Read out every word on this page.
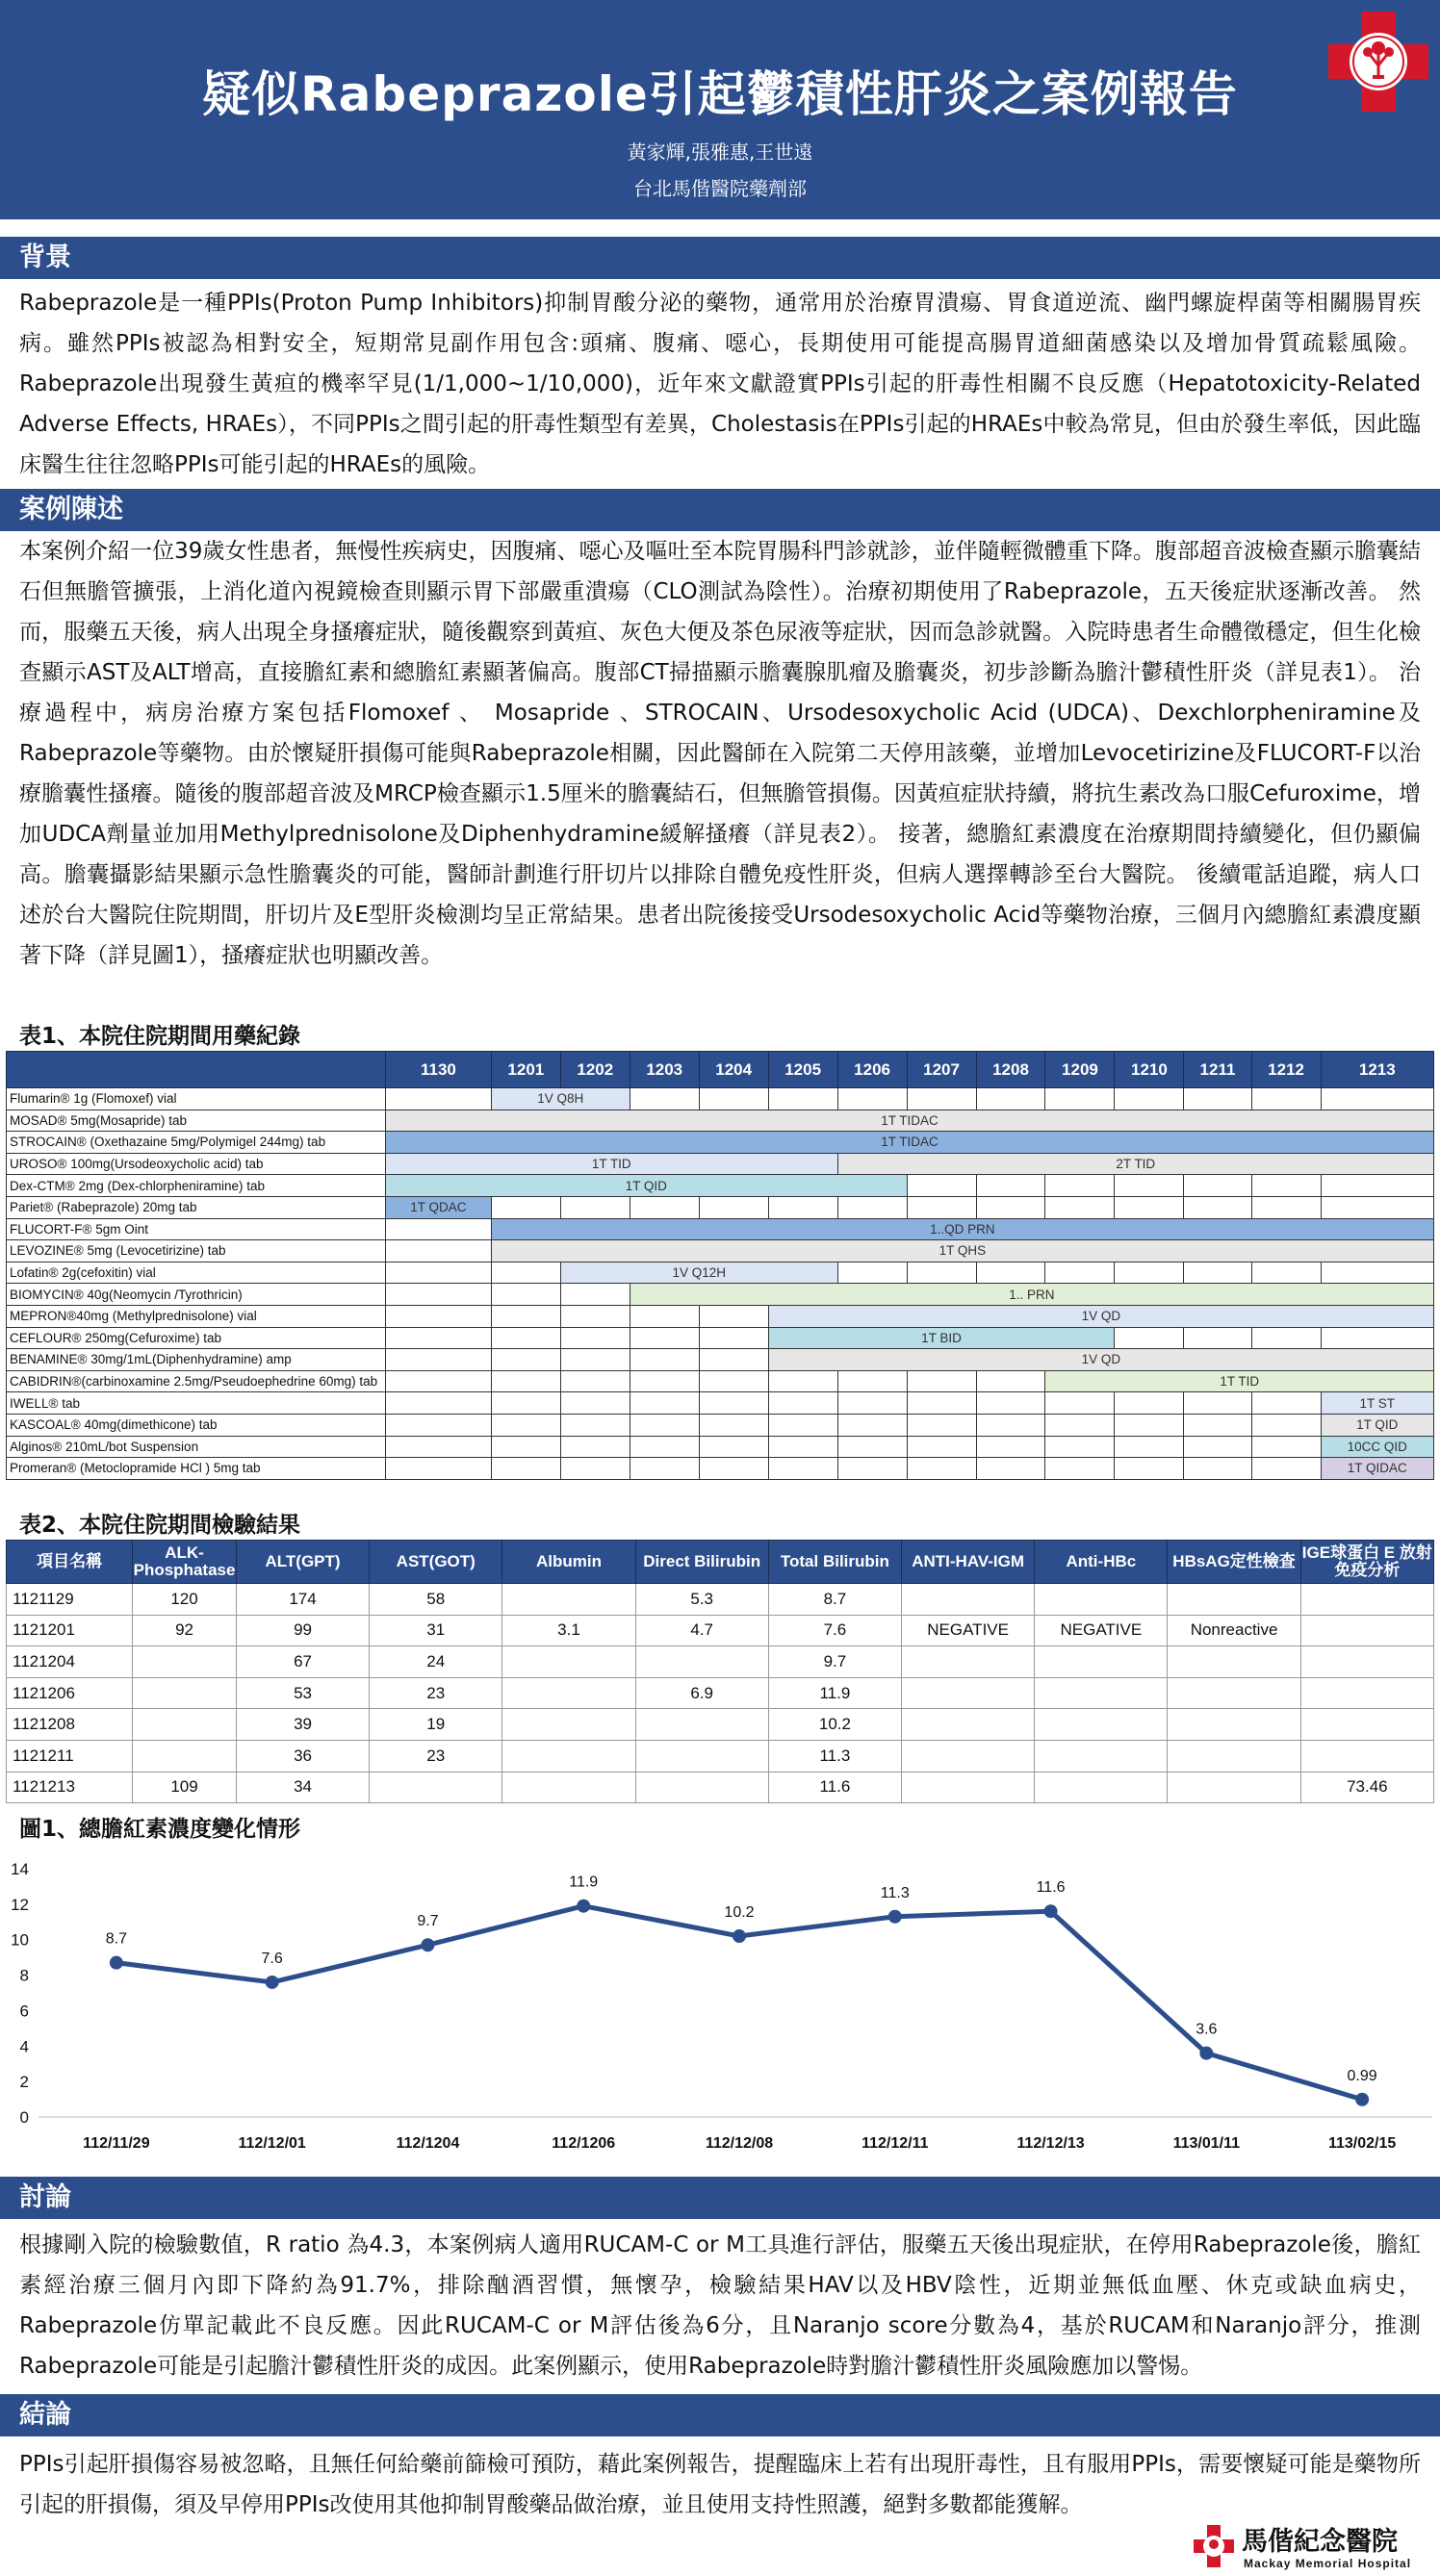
疑似Rabeprazole引起鬱積性肝炎之案例報告
黃家輝,張雅惠,王世遠
台北馬偕醫院藥劑部
背景
Rabeprazole是一種PPIs(Proton Pump Inhibitors)抑制胃酸分泌的藥物，通常用於治療胃潰瘍、胃食道逆流、幽門螺旋桿菌等相關腸胃疾病。雖然PPIs被認為相對安全，短期常見副作用包含:頭痛、腹痛、噁心，長期使用可能提高腸胃道細菌感染以及增加骨質疏鬆風險。Rabeprazole出現發生黃疸的機率罕見(1/1,000~1/10,000)，近年來文獻證實PPIs引起的肝毒性相關不良反應（Hepatotoxicity-Related Adverse Effects, HRAEs），不同PPIs之間引起的肝毒性類型有差異，Cholestasis在PPIs引起的HRAEs中較為常見，但由於發生率低，因此臨床醫生往往忽略PPIs可能引起的HRAEs的風險。
案例陳述
本案例介紹一位39歲女性患者，無慢性疾病史，因腹痛、噁心及嘔吐至本院胃腸科門診就診，並伴隨輕微體重下降。腹部超音波檢查顯示膽囊結石但無膽管擴張，上消化道內視鏡檢查則顯示胃下部嚴重潰瘍（CLO測試為陰性）。治療初期使用了Rabeprazole，五天後症狀逐漸改善。 然而，服藥五天後，病人出現全身搔癢症狀，隨後觀察到黃疸、灰色大便及茶色尿液等症狀，因而急診就醫。入院時患者生命體徵穩定，但生化檢查顯示AST及ALT增高，直接膽紅素和總膽紅素顯著偏高。腹部CT掃描顯示膽囊腺肌瘤及膽囊炎，初步診斷為膽汁鬱積性肝炎（詳見表1）。 治療過程中，病房治療方案包括Flomoxef 、 Mosapride 、STROCAIN、Ursodesoxycholic Acid (UDCA)、Dexchlorpheniramine及Rabeprazole等藥物。由於懷疑肝損傷可能與Rabeprazole相關，因此醫師在入院第二天停用該藥，並增加Levocetirizine及FLUCORT-F以治療膽囊性搔癢。隨後的腹部超音波及MRCP檢查顯示1.5厘米的膽囊結石，但無膽管損傷。因黃疸症狀持續，將抗生素改為口服Cefuroxime，增加UDCA劑量並加用Methylprednisolone及Diphenhydramine緩解搔癢（詳見表2）。 接著，總膽紅素濃度在治療期間持續變化，但仍顯偏高。膽囊攝影結果顯示急性膽囊炎的可能，醫師計劃進行肝切片以排除自體免疫性肝炎，但病人選擇轉診至台大醫院。 後續電話追蹤，病人口述於台大醫院住院期間，肝切片及E型肝炎檢測均呈正常結果。患者出院後接受Ursodesoxycholic Acid等藥物治療，三個月內總膽紅素濃度顯著下降（詳見圖1），搔癢症狀也明顯改善。
表1、本院住院期間用藥紀錄
	1130	1201	1202	1203	1204	1205	1206	1207	1208	1209	1210	1211	1212	1213
Flumarin® 1g (Flomoxef) vial		1V Q8H												
MOSAD® 5mg(Mosapride) tab	1T TIDAC													
STROCAIN® (Oxethazaine 5mg/Polymigel 244mg) tab	1T TIDAC													
UROSO® 100mg(Ursodeoxycholic acid) tab	1T TID						2T TID							
Dex-CTM® 2mg (Dex-chlorpheniramine) tab	1T QID													
Pariet® (Rabeprazole) 20mg tab	1T QDAC													
FLUCORT-F® 5gm Oint		1..QD PRN												
LEVOZINE® 5mg (Levocetirizine) tab		1T QHS												
Lofatin® 2g(cefoxitin) vial			1V Q12H											
BIOMYCIN® 40g(Neomycin /Tyrothricin)				1.. PRN										
MEPRON®40mg (Methylprednisolone) vial						1V QD								
CEFLOUR® 250mg(Cefuroxime) tab						1T BID								
BENAMINE® 30mg/1mL(Diphenhydramine) amp						1V QD								
CABIDRIN®(carbinoxamine 2.5mg/Pseudoephedrine 60mg) tab										1T TID				
IWELL® tab														1T ST
KASCOAL® 40mg(dimethicone) tab														1T QID
Alginos® 210mL/bot Suspension														10CC QID
Promeran® (Metoclopramide HCl ) 5mg tab														1T QIDAC
表2、本院住院期間檢驗結果
項目名稱	ALK-Phosphatase	ALT(GPT)	AST(GOT)	Albumin	Direct Bilirubin	Total Bilirubin	ANTI-HAV-IGM	Anti-HBc	HBsAG定性檢查	IGE球蛋白 E 放射免疫分析
1121129	120	174	58		5.3	8.7				
1121201	92	99	31	3.1	4.7	7.6	NEGATIVE	NEGATIVE	Nonreactive	
1121204		67	24			9.7				
1121206		53	23		6.9	11.9				
1121208		39	19			10.2				
1121211		36	23			11.3				
1121213	109	34				11.6				73.46
圖1、總膽紅素濃度變化情形
0
2
4
6
8
10
12
14
112/11/29	112/12/01	112/1204	112/1206	112/12/08	112/12/11	112/12/13	113/01/11	113/02/15
8.7
7.6
9.7
11.9
10.2
11.3	11.6
3.6
0.99
討論
根據剛入院的檢驗數值，R ratio 為4.3，本案例病人適用RUCAM-C or M工具進行評估，服藥五天後出現症狀，在停用Rabeprazole後，膽紅素經治療三個月內即下降約為91.7%，排除酗酒習慣，無懷孕，檢驗結果HAV以及HBV陰性，近期並無低血壓、休克或缺血病史， Rabeprazole仿單記載此不良反應。因此RUCAM-C or M評估後為6分，且Naranjo score分數為4，基於RUCAM和Naranjo評分，推測Rabeprazole可能是引起膽汁鬱積性肝炎的成因。此案例顯示，使用Rabeprazole時對膽汁鬱積性肝炎風險應加以警惕。
結論
PPIs引起肝損傷容易被忽略，且無任何給藥前篩檢可預防，藉此案例報告，提醒臨床上若有出現肝毒性，且有服用PPIs，需要懷疑可能是藥物所引起的肝損傷，須及早停用PPIs改使用其他抑制胃酸藥品做治療，並且使用支持性照護，絕對多數都能獲解。
馬偕紀念醫院
Mackay Memorial Hospital
